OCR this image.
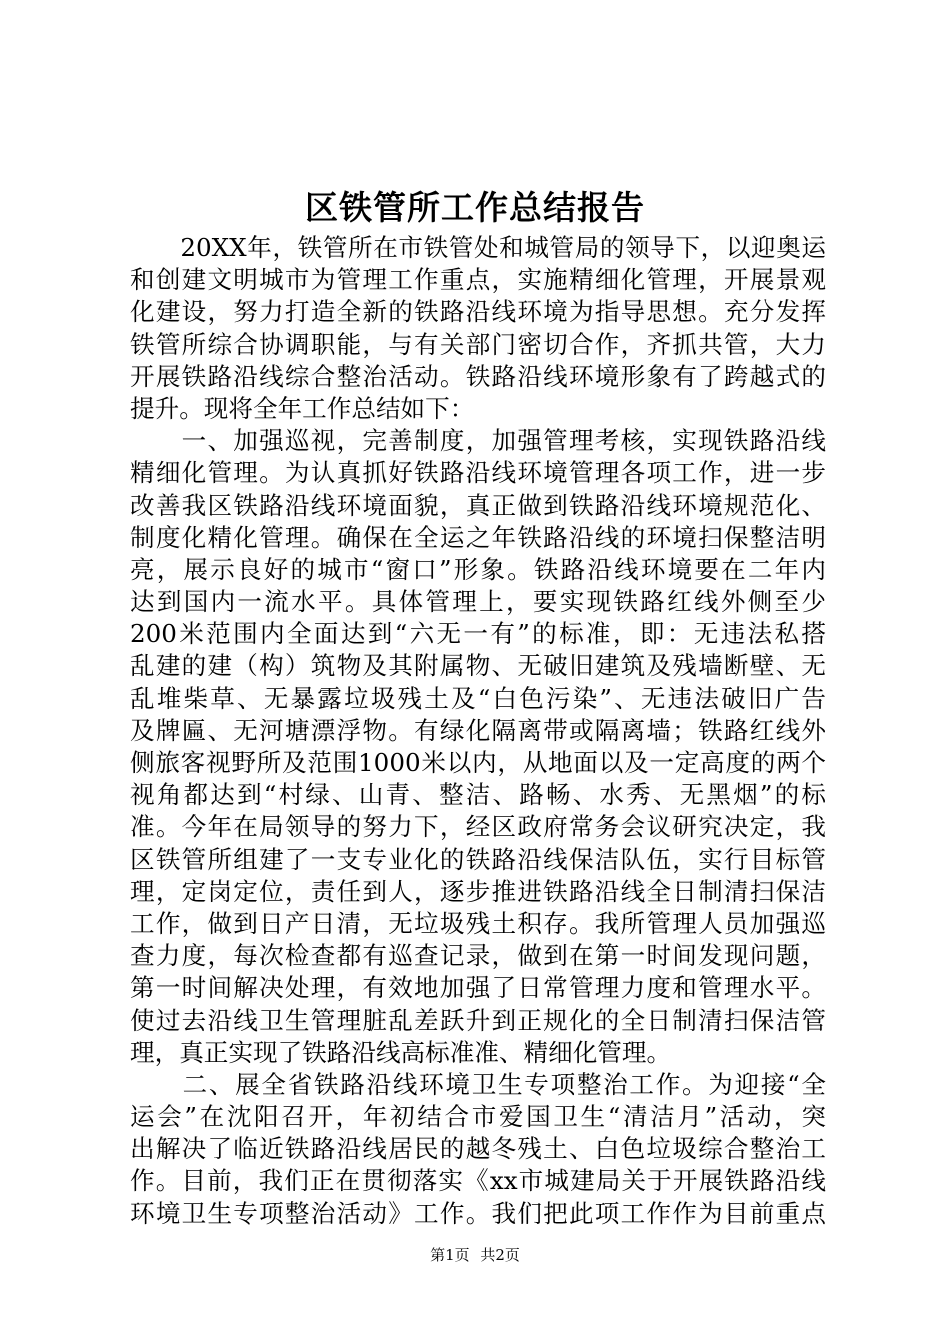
区铁管所工作总结报告
　　20XX年，铁管所在市铁管处和城管局的领导下，以迎奥运
和创建文明城市为管理工作重点，实施精细化管理，开展景观
化建设，努力打造全新的铁路沿线环境为指导思想。充分发挥
铁管所综合协调职能，与有关部门密切合作，齐抓共管，大力
开展铁路沿线综合整治活动。铁路沿线环境形象有了跨越式的
提升。现将全年工作总结如下：
　　一、加强巡视，完善制度，加强管理考核，实现铁路沿线
精细化管理。为认真抓好铁路沿线环境管理各项工作，进一步
改善我区铁路沿线环境面貌，真正做到铁路沿线环境规范化、
制度化精化管理。确保在全运之年铁路沿线的环境扫保整洁明
亮，展示良好的城市“窗口”形象。铁路沿线环境要在二年内
达到国内一流水平。具体管理上，要实现铁路红线外侧至少
200米范围内全面达到“六无一有”的标准，即：无违法私搭
乱建的建（构）筑物及其附属物、无破旧建筑及残墙断壁、无
乱堆柴草、无暴露垃圾残土及“白色污染”、无违法破旧广告
及牌匾、无河塘漂浮物。有绿化隔离带或隔离墙；铁路红线外
侧旅客视野所及范围1000米以内，从地面以及一定高度的两个
视角都达到“村绿、山青、整洁、路畅、水秀、无黑烟”的标
准。今年在局领导的努力下，经区政府常务会议研究决定，我
区铁管所组建了一支专业化的铁路沿线保洁队伍，实行目标管
理，定岗定位，责任到人，逐步推进铁路沿线全日制清扫保洁
工作，做到日产日清，无垃圾残土积存。我所管理人员加强巡
查力度，每次检查都有巡查记录，做到在第一时间发现问题，
第一时间解决处理，有效地加强了日常管理力度和管理水平。
使过去沿线卫生管理脏乱差跃升到正规化的全日制清扫保洁管
理，真正实现了铁路沿线高标准准、精细化管理。
　　二、展全省铁路沿线环境卫生专项整治工作。为迎接“全
运会”在沈阳召开，年初结合市爱国卫生“清洁月”活动，突
出解决了临近铁路沿线居民的越冬残土、白色垃圾综合整治工
作。目前，我们正在贯彻落实《xx市城建局关于开展铁路沿线
环境卫生专项整治活动》工作。我们把此项工作作为目前重点
第1页 共2页
